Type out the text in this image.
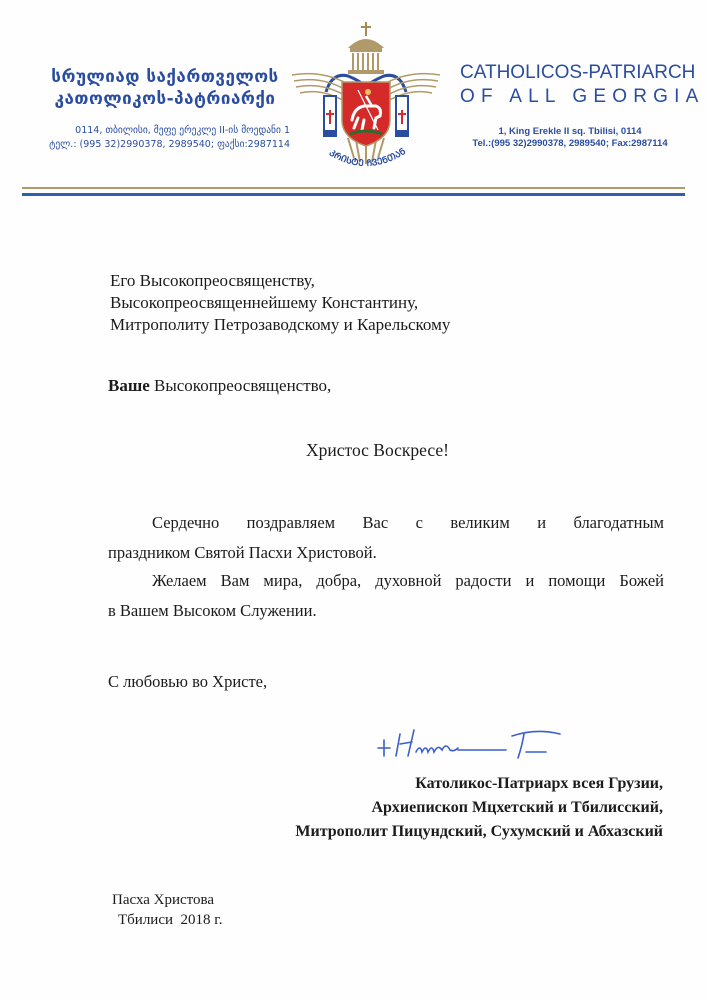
სრულიად საქართველოს
კათოლიკოს-პატრიარქი
0114, თბილისი, მეფე ერეკლე II-ის მოედანი 1
ტელ.: (995 32)2990378, 2989540; ფაქსი:2987114
ᲙᲠᲘᲡᲢᲔ ᲩᲕᲔᲜᲗᲐᲜ
CATHOLICOS-PATRIARCH
OF ALL GEORGIA
1, King Erekle II sq. Tbilisi, 0114
Tel.:(995 32)2990378, 2989540; Fax:2987114
Его Высокопреосвященству,
Высокопреосвященнейшему Константину,
Митрополиту Петрозаводскому и Карельскому
Ваше Высокопреосвященство,
Христос Воскресе!
Сердечно поздравляем Вас с великим и благодатным
праздником Святой Пасхи Христовой.
Желаем Вам мира, добра, духовной радости и помощи Божей
в Вашем Высоком Служении.
С любовью во Христе,
Католикос-Патриарх всея Грузии,
Архиепископ Мцхетский и Тбилисский,
Митрополит Пицундский, Сухумский и Абхазский
Пасха Христова
Тбилиси  2018 г.
